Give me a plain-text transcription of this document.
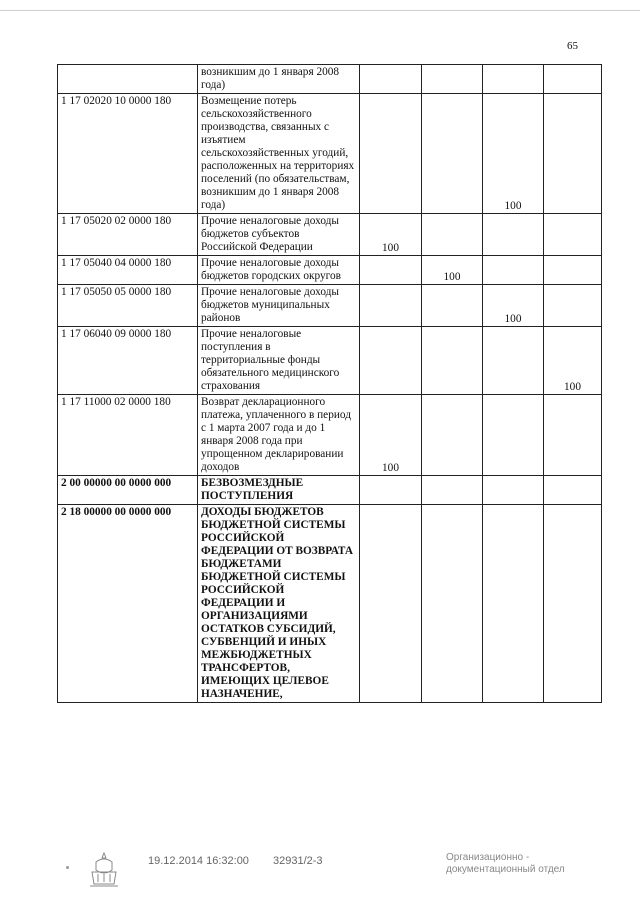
65
	возникшим до 1 января 2008 года)				
1 17 02020 10 0000 180	Возмещение потерь сельскохозяйственного производства, связанных с изъятием сельскохозяйственных угодий, расположенных на территориях поселений (по обязательствам, возникшим до 1 января 2008 года)			100	
1 17 05020 02 0000 180	Прочие неналоговые доходы бюджетов субъектов Российской Федерации	100			
1 17 05040 04 0000 180	Прочие неналоговые доходы бюджетов городских округов		100		
1 17 05050 05 0000 180	Прочие неналоговые доходы бюджетов муниципальных районов			100	
1 17 06040 09 0000 180	Прочие неналоговые поступления в территориальные фонды обязательного медицинского страхования				100
1 17 11000 02 0000 180	Возврат декларационного платежа, уплаченного в период с 1 марта 2007 года и до 1 января 2008 года при упрощенном декларировании доходов	100			
2 00 00000 00 0000 000	БЕЗВОЗМЕЗДНЫЕ ПОСТУПЛЕНИЯ				
2 18 00000 00 0000 000	ДОХОДЫ БЮДЖЕТОВ БЮДЖЕТНОЙ СИСТЕМЫ РОССИЙСКОЙ ФЕДЕРАЦИИ ОТ ВОЗВРАТА БЮДЖЕТАМИ БЮДЖЕТНОЙ СИСТЕМЫ РОССИЙСКОЙ ФЕДЕРАЦИИ И ОРГАНИЗАЦИЯМИ ОСТАТКОВ СУБСИДИЙ, СУБВЕНЦИЙ И ИНЫХ МЕЖБЮДЖЕТНЫХ ТРАНСФЕРТОВ, ИМЕЮЩИХ ЦЕЛЕВОЕ НАЗНАЧЕНИЕ,				
19.12.2014 16:32:00 32931/2-3	Организационно -
документационный отдел
